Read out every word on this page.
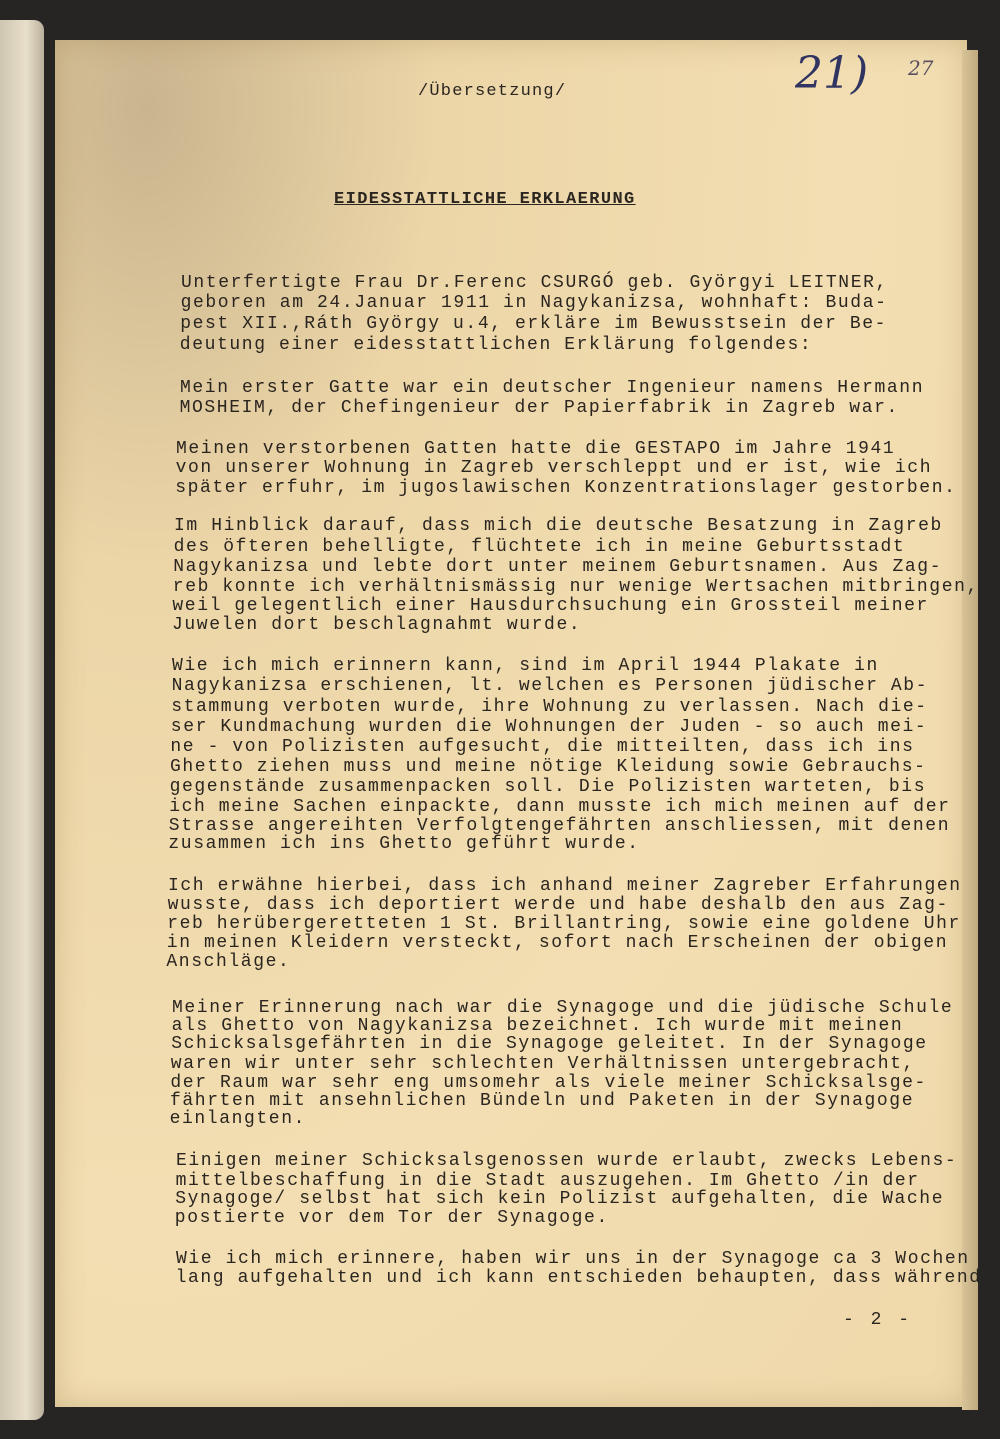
/Übersetzung/
EIDESSTATTLICHE ERKLAERUNG
21) 27
Unterfertigte Frau Dr.Ferenc CSURGÓ geb. Györgyi LEITNER,
geboren am 24.Januar 1911 in Nagykanizsa, wohnhaft: Buda-
pest XII.,Ráth György u.4, erkläre im Bewusstsein der Be-
deutung einer eidesstattlichen Erklärung folgendes:
Mein erster Gatte war ein deutscher Ingenieur namens Hermann
MOSHEIM, der Chefingenieur der Papierfabrik in Zagreb war.
Meinen verstorbenen Gatten hatte die GESTAPO im Jahre 1941
von unserer Wohnung in Zagreb verschleppt und er ist, wie ich
später erfuhr, im jugoslawischen Konzentrationslager gestorben.
Im Hinblick darauf, dass mich die deutsche Besatzung in Zagreb
des öfteren behelligte, flüchtete ich in meine Geburtsstadt
Nagykanizsa und lebte dort unter meinem Geburtsnamen. Aus Zag-
reb konnte ich verhältnismässig nur wenige Wertsachen mitbringen,
weil gelegentlich einer Hausdurchsuchung ein Grossteil meiner
Juwelen dort beschlagnahmt wurde.
Wie ich mich erinnern kann, sind im April 1944 Plakate in
Nagykanizsa erschienen, lt. welchen es Personen jüdischer Ab-
stammung verboten wurde, ihre Wohnung zu verlassen. Nach die-
ser Kundmachung wurden die Wohnungen der Juden - so auch mei-
ne - von Polizisten aufgesucht, die mitteilten, dass ich ins
Ghetto ziehen muss und meine nötige Kleidung sowie Gebrauchs-
gegenstände zusammenpacken soll. Die Polizisten warteten, bis
ich meine Sachen einpackte, dann musste ich mich meinen auf der
Strasse angereihten Verfolgtengefährten anschliessen, mit denen
zusammen ich ins Ghetto geführt wurde.
Ich erwähne hierbei, dass ich anhand meiner Zagreber Erfahrungen
wusste, dass ich deportiert werde und habe deshalb den aus Zag-
reb herübergeretteten 1 St. Brillantring, sowie eine goldene Uhr
in meinen Kleidern versteckt, sofort nach Erscheinen der obigen
Anschläge.
Meiner Erinnerung nach war die Synagoge und die jüdische Schule
als Ghetto von Nagykanizsa bezeichnet. Ich wurde mit meinen
Schicksalsgefährten in die Synagoge geleitet. In der Synagoge
waren wir unter sehr schlechten Verhältnissen untergebracht,
der Raum war sehr eng umsomehr als viele meiner Schicksalsge-
fährten mit ansehnlichen Bündeln und Paketen in der Synagoge
einlangten.
Einigen meiner Schicksalsgenossen wurde erlaubt, zwecks Lebens-
mittelbeschaffung in die Stadt auszugehen. Im Ghetto /in der
Synagoge/ selbst hat sich kein Polizist aufgehalten, die Wache
postierte vor dem Tor der Synagoge.
Wie ich mich erinnere, haben wir uns in der Synagoge ca 3 Wochen
lang aufgehalten und ich kann entschieden behaupten, dass während
- 2 -
